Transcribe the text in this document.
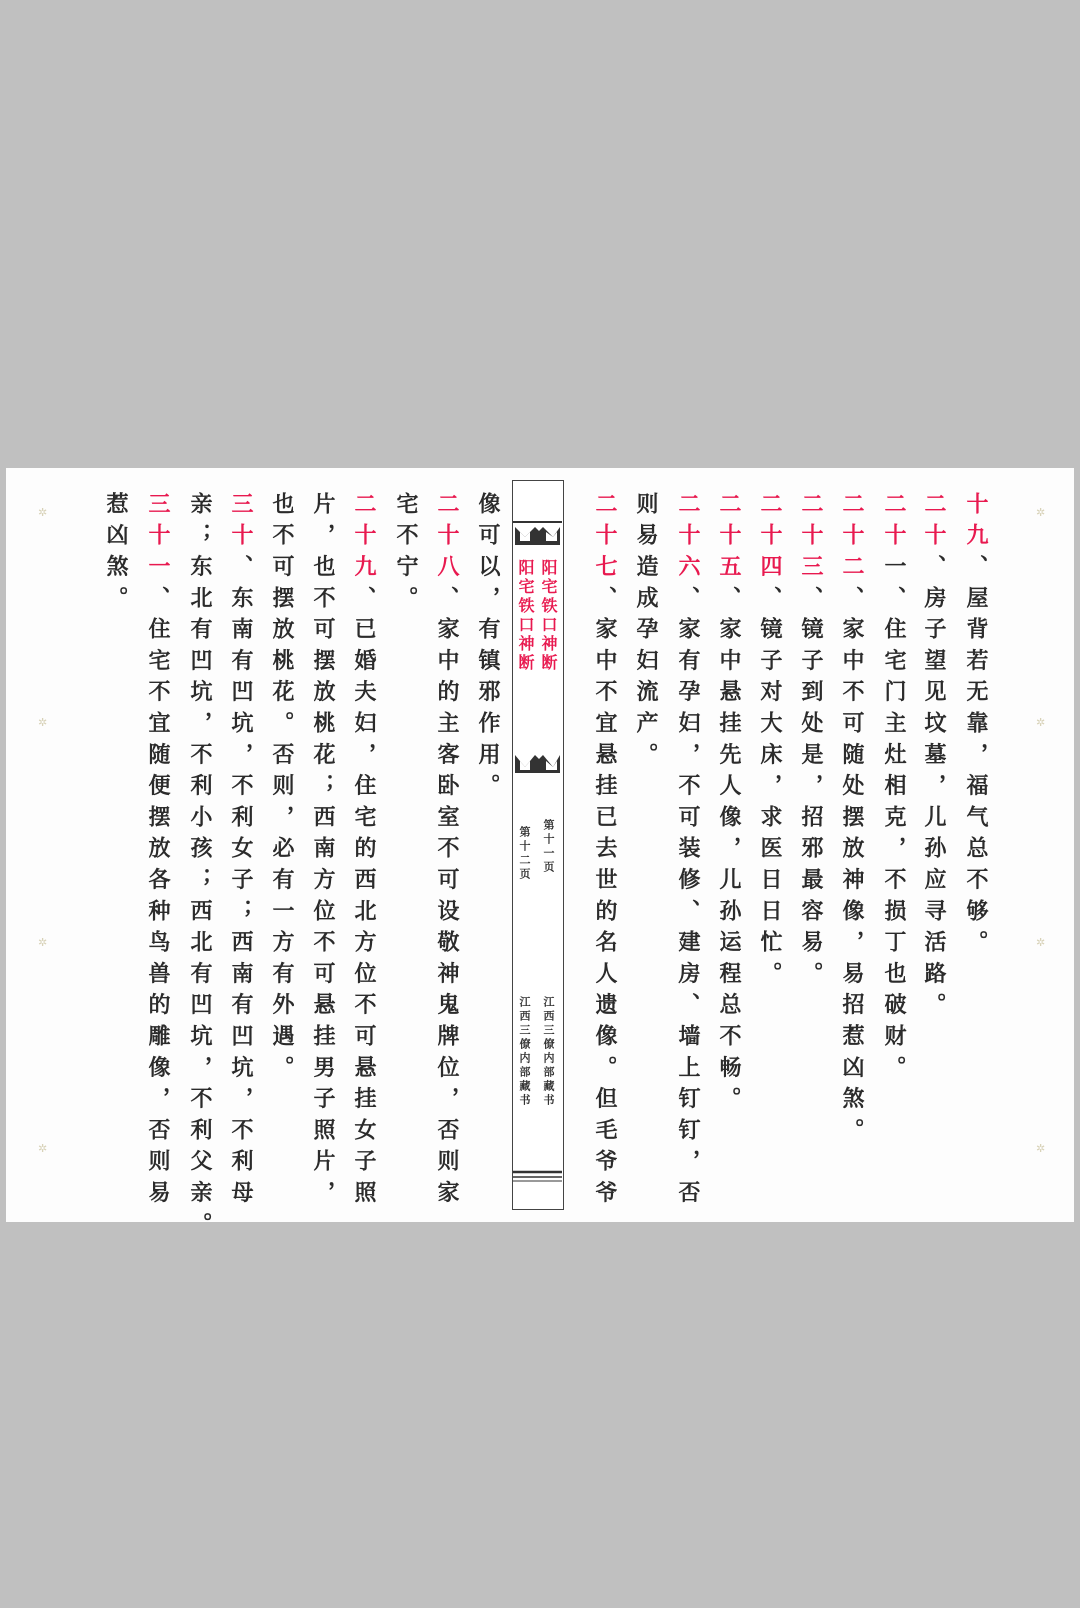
十九、屋背若无靠，福气总不够。
二十、房子望见坟墓，儿孙应寻活路。
二十一、住宅门主灶相克，不损丁也破财。
二十二、家中不可随处摆放神像，易招惹凶煞。
二十三、镜子到处是，招邪最容易。
二十四、镜子对大床，求医日日忙。
二十五、家中悬挂先人像，儿孙运程总不畅。
二十六、家有孕妇，不可装修、建房、墙上钉钉，否
则易造成孕妇流产。
二十七、家中不宜悬挂已去世的名人遗像。但毛爷爷
阳宅铁口神断
阳宅铁口神断
第十一页
第十二页
江西三僚内部藏书
江西三僚内部藏书
像可以，有镇邪作用。
二十八、家中的主客卧室不可设敬神鬼牌位，否则家
宅不宁。
二十九、已婚夫妇，住宅的西北方位不可悬挂女子照
片，也不可摆放桃花；西南方位不可悬挂男子照片，
也不可摆放桃花。否则，必有一方有外遇。
三十、东南有凹坑，不利女子；西南有凹坑，不利母
亲；东北有凹坑，不利小孩；西北有凹坑，不利父亲。
三十一、住宅不宜随便摆放各种鸟兽的雕像，否则易
惹凶煞。
✲
✲
✲
✲
✲
✲
✲
✲
